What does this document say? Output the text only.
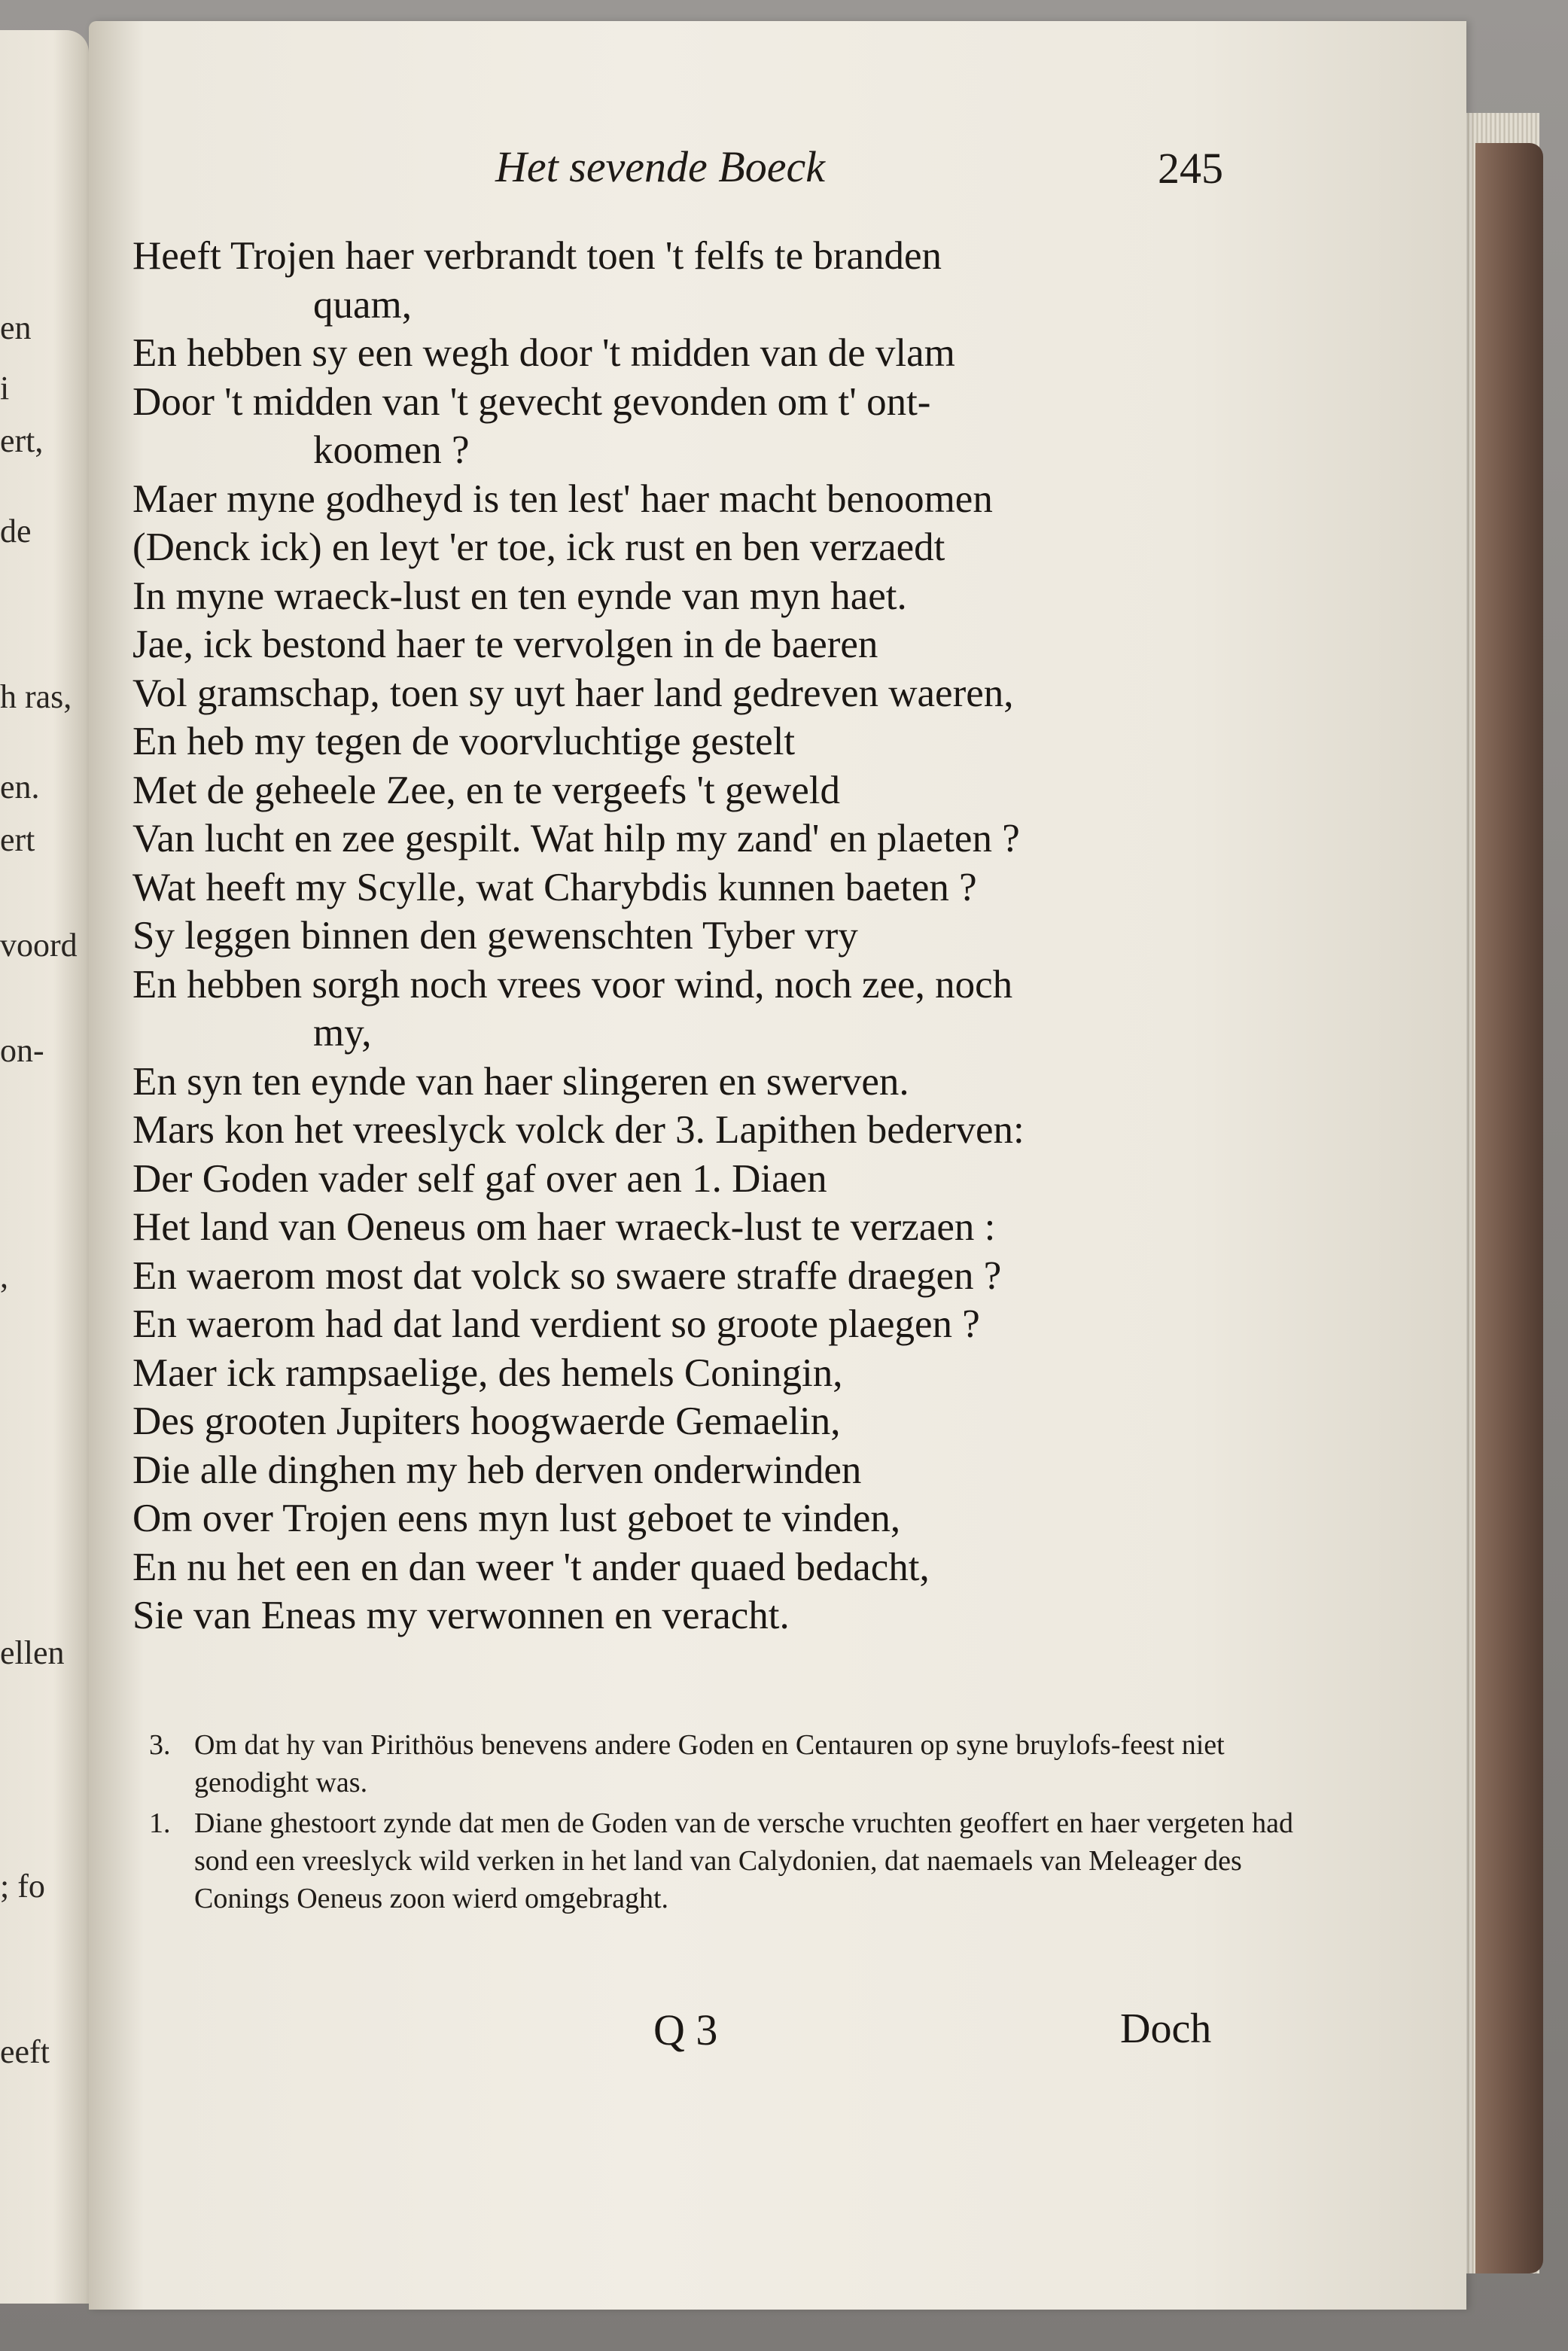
en
i
ert,
de
h ras,
en.
ert
voord
on-
,
ellen
; fo
eeft
Het sevende Boeck	245
Heeft Trojen haer verbrandt toen 't felfs te branden
quam,
En hebben sy een wegh door 't midden van de vlam
Door 't midden van 't gevecht gevonden om t' ont-
koomen ?
Maer myne godheyd is ten lest' haer macht benoomen
(Denck ick) en leyt 'er toe, ick rust en ben verzaedt
In myne wraeck-lust en ten eynde van myn haet.
Jae, ick bestond haer te vervolgen in de baeren
Vol gramschap, toen sy uyt haer land gedreven waeren,
En heb my tegen de voorvluchtige gestelt
Met de geheele Zee, en te vergeefs 't geweld
Van lucht en zee gespilt. Wat hilp my zand' en plaeten ?
Wat heeft my Scylle, wat Charybdis kunnen baeten ?
Sy leggen binnen den gewenschten Tyber vry
En hebben sorgh noch vrees voor wind, noch zee, noch
my,
En syn ten eynde van haer slingeren en swerven.
Mars kon het vreeslyck volck der 3. Lapithen bederven:
Der Goden vader self gaf over aen 1. Diaen
Het land van Oeneus om haer wraeck-lust te verzaen :
En waerom most dat volck so swaere straffe draegen ?
En waerom had dat land verdient so groote plaegen ?
Maer ick rampsaelige, des hemels Coningin,
Des grooten Jupiters hoogwaerde Gemaelin,
Die alle dinghen my heb derven onderwinden
Om over Trojen eens myn lust geboet te vinden,
En nu het een en dan weer 't ander quaed bedacht,
Sie van Eneas my verwonnen en veracht.
3. Om dat hy van Pirithöus benevens andere Goden en Centauren op syne bruylofs-feest niet genodight was.
1. Diane ghestoort zynde dat men de Goden van de versche vruchten geoffert en haer vergeten had sond een vreeslyck wild verken in het land van Calydonien, dat naemaels van Meleager des Conings Oeneus zoon wierd omgebraght.
Q 3	Doch
